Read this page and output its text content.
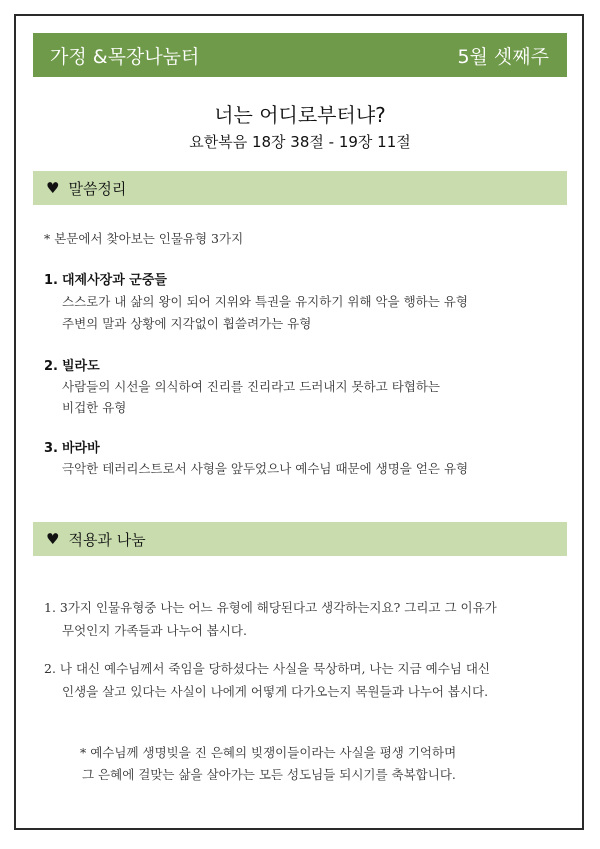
가정 &목장나눔터	5월 셋째주
너는 어디로부터냐?
요한복음 18장 38절 - 19장 11절
♥ 말씀정리
* 본문에서 찾아보는 인물유형 3가지
1. 대제사장과 군중들
스스로가 내 삶의 왕이 되어 지위와 특권을 유지하기 위해 악을 행하는 유형
주변의 말과 상황에 지각없이 휩쓸려가는 유형
2. 빌라도
사람들의 시선을 의식하여 진리를 진리라고 드러내지 못하고 타협하는
비겁한 유형
3. 바라바
극악한 테러리스트로서 사형을 앞두었으나 예수님 때문에 생명을 얻은 유형
♥ 적용과 나눔
1. 3가지 인물유형중 나는 어느 유형에 해당된다고 생각하는지요? 그리고 그 이유가
무엇인지 가족들과 나누어 봅시다.
2. 나 대신 예수님께서 죽임을 당하셨다는 사실을 묵상하며, 나는 지금 예수님 대신
인생을 살고 있다는 사실이 나에게 어떻게 다가오는지 목원들과 나누어 봅시다.
* 예수님께 생명빚을 진 은혜의 빚쟁이들이라는 사실을 평생 기억하며
그 은혜에 걸맞는 삶을 살아가는 모든 성도님들 되시기를 축복합니다.
